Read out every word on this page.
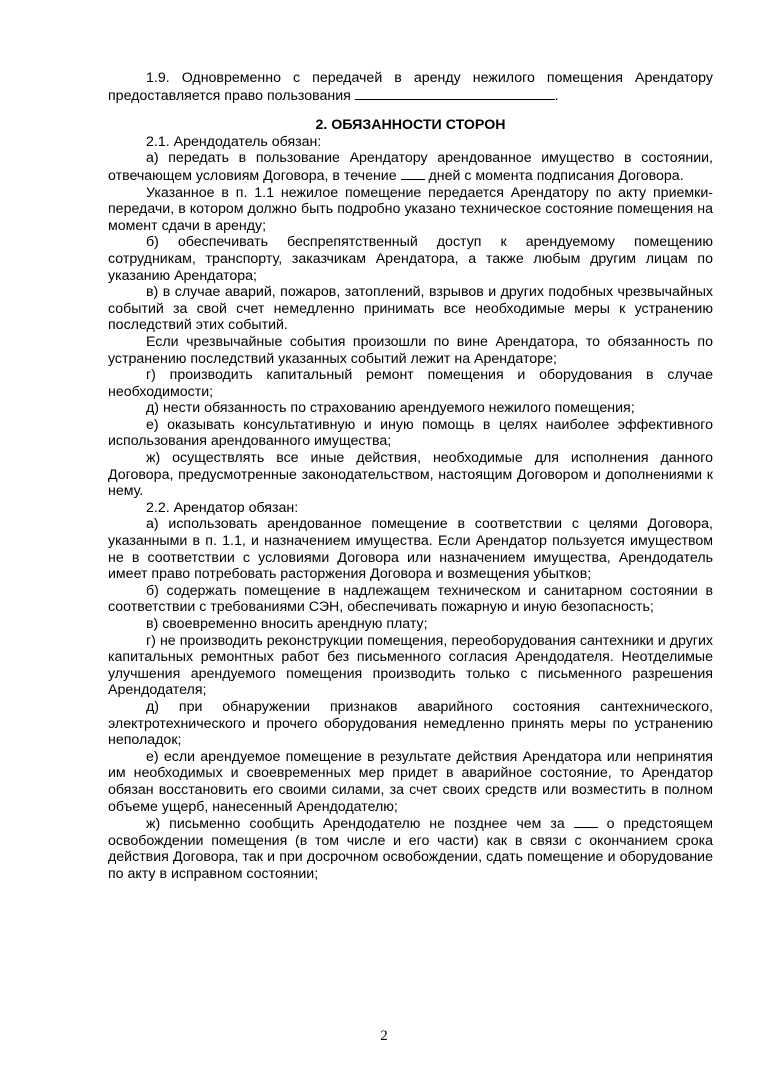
1.9. Одновременно с передачей в аренду нежилого помещения Арендатору предоставляется право пользования	.

2. ОБЯЗАННОСТИ СТОРОН

2.1. Арендодатель обязан:

а) передать в пользование Арендатору арендованное имущество в состоянии, отвечающем условиям Договора, в течение дней с момента подписания Договора.

Указанное в п. 1.1 нежилое помещение передается Арендатору по акту приемки-передачи, в котором должно быть подробно указано техническое состояние помещения на момент сдачи в аренду;

б) обеспечивать беспрепятственный доступ к арендуемому помещению сотрудникам, транспорту, заказчикам Арендатора, а также любым другим лицам по указанию Арендатора;

в) в случае аварий, пожаров, затоплений, взрывов и других подобных чрезвычайных событий за свой счет немедленно принимать все необходимые меры к устранению последствий этих событий.

Если чрезвычайные события произошли по вине Арендатора, то обязанность по устранению последствий указанных событий лежит на Арендаторе;

г) производить капитальный ремонт помещения и оборудования в случае необходимости;

д) нести обязанность по страхованию арендуемого нежилого помещения;

е) оказывать консультативную и иную помощь в целях наиболее эффективного использования арендованного имущества;

ж) осуществлять все иные действия, необходимые для исполнения данного Договора, предусмотренные законодательством, настоящим Договором и дополнениями к нему.

2.2. Арендатор обязан:

а) использовать арендованное помещение в соответствии с целями Договора, указанными в п. 1.1, и назначением имущества. Если Арендатор пользуется имуществом не в соответствии с условиями Договора или назначением имущества, Арендодатель имеет право потребовать расторжения Договора и возмещения убытков;

б) содержать помещение в надлежащем техническом и санитарном состоянии в соответствии с требованиями СЭН, обеспечивать пожарную и иную безопасность;

в) своевременно вносить арендную плату;

г) не производить реконструкции помещения, переоборудования сантехники и других капитальных ремонтных работ без письменного согласия Арендодателя. Неотделимые улучшения арендуемого помещения производить только с письменного разрешения Арендодателя;

д) при обнаружении признаков аварийного состояния сантехнического, электротехнического и прочего оборудования немедленно принять меры по устранению неполадок;

е) если арендуемое помещение в результате действия Арендатора или непринятия им необходимых и своевременных мер придет в аварийное состояние, то Арендатор обязан восстановить его своими силами, за счет своих средств или возместить в полном объеме ущерб, нанесенный Арендодателю;

ж) письменно сообщить Арендодателю не позднее чем за	о предстоящем освобождении помещения (в том числе и его части) как в связи с окончанием срока действия Договора, так и при досрочном освобождении, сдать помещение и оборудование по акту в исправном состоянии;

2
